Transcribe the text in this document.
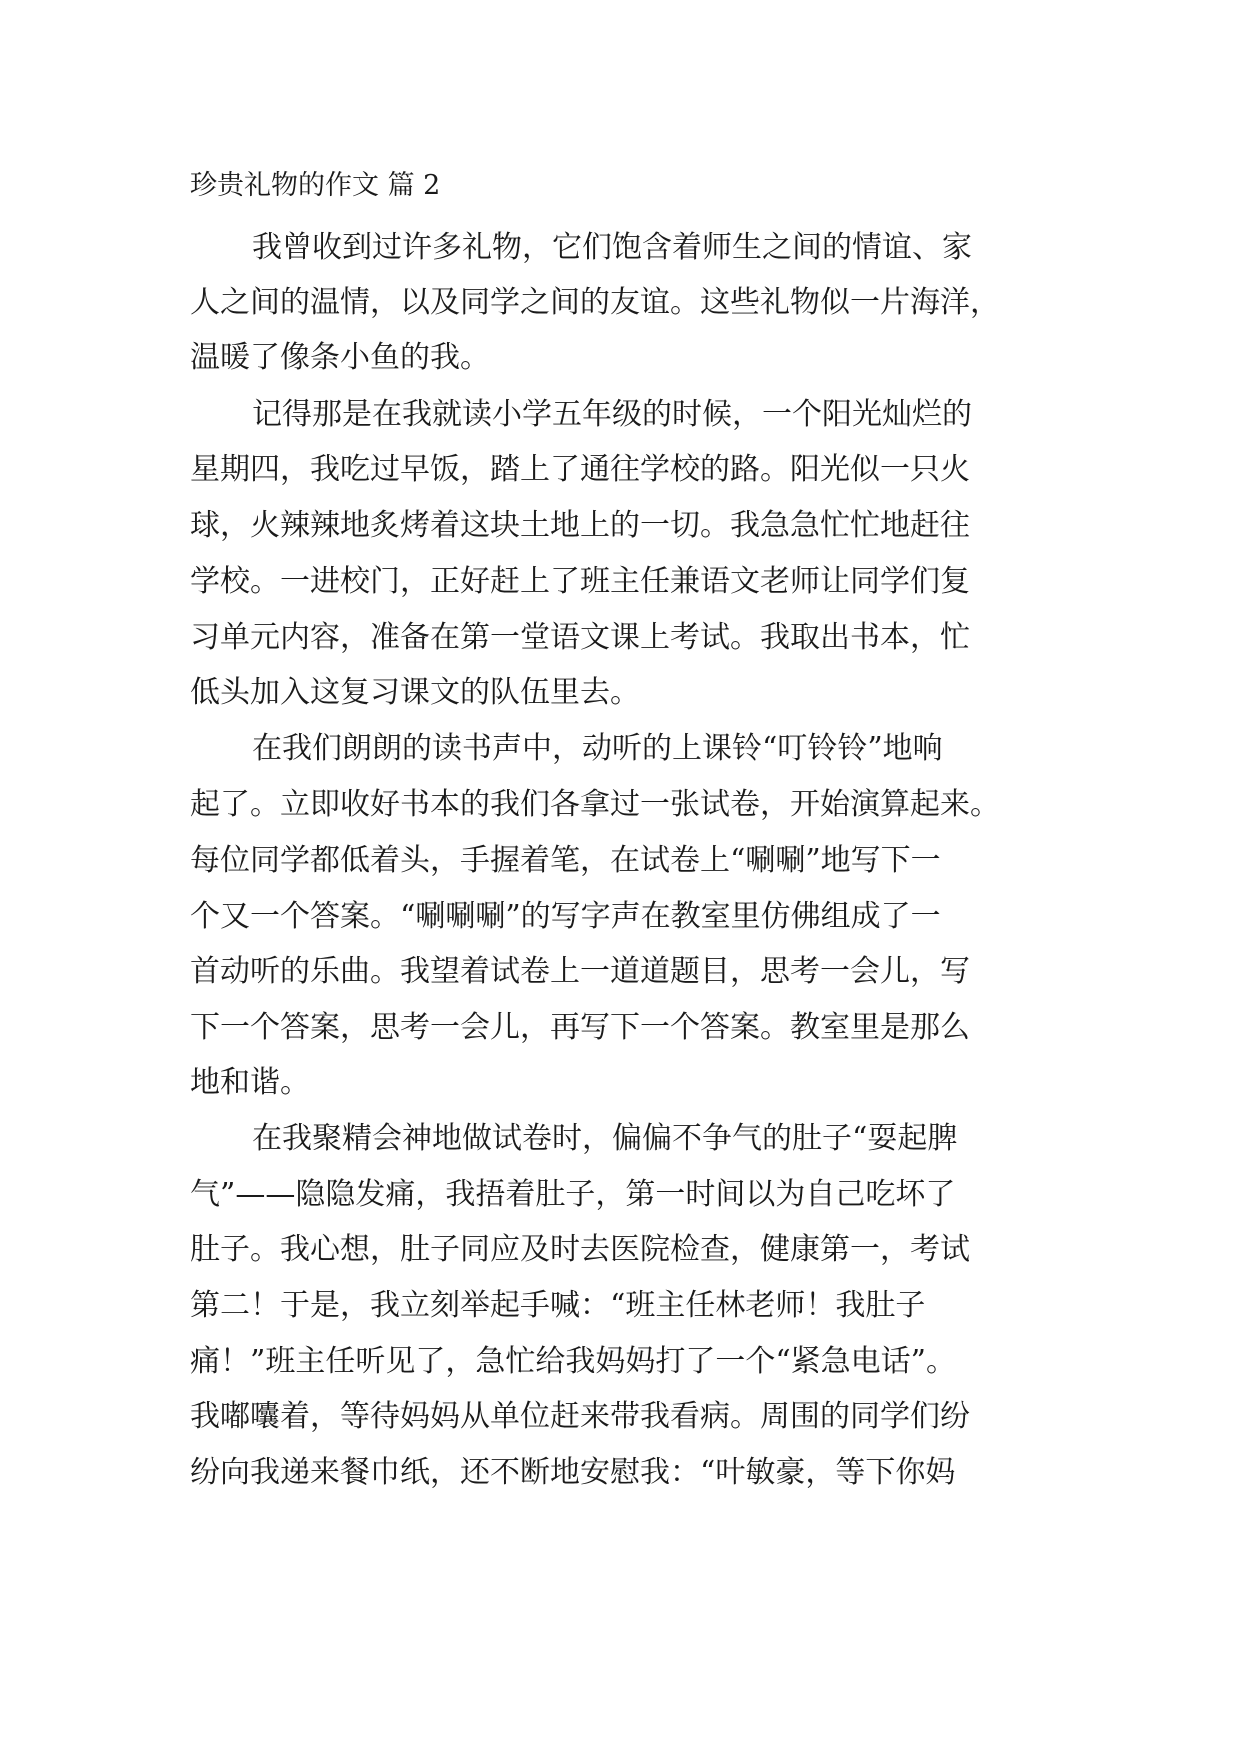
珍贵礼物的作文 篇 2
我曾收到过许多礼物，它们饱含着师生之间的情谊、家
人之间的温情，以及同学之间的友谊。这些礼物似一片海洋，
温暖了像条小鱼的我。
记得那是在我就读小学五年级的时候，一个阳光灿烂的
星期四，我吃过早饭，踏上了通往学校的路。阳光似一只火
球，火辣辣地炙烤着这块土地上的一切。我急急忙忙地赶往
学校。一进校门，正好赶上了班主任兼语文老师让同学们复
习单元内容，准备在第一堂语文课上考试。我取出书本，忙
低头加入这复习课文的队伍里去。
在我们朗朗的读书声中，动听的上课铃“叮铃铃”地响
起了。立即收好书本的我们各拿过一张试卷，开始演算起来。
每位同学都低着头，手握着笔，在试卷上“唰唰”地写下一
个又一个答案。“唰唰唰”的写字声在教室里仿佛组成了一
首动听的乐曲。我望着试卷上一道道题目，思考一会儿，写
下一个答案，思考一会儿，再写下一个答案。教室里是那么
地和谐。
在我聚精会神地做试卷时，偏偏不争气的肚子“耍起脾
气”——隐隐发痛，我捂着肚子，第一时间以为自己吃坏了
肚子。我心想，肚子同应及时去医院检查，健康第一，考试
第二！于是，我立刻举起手喊：“班主任林老师！我肚子
痛！”班主任听见了，急忙给我妈妈打了一个“紧急电话”。
我嘟囔着，等待妈妈从单位赶来带我看病。周围的同学们纷
纷向我递来餐巾纸，还不断地安慰我：“叶敏豪，等下你妈
